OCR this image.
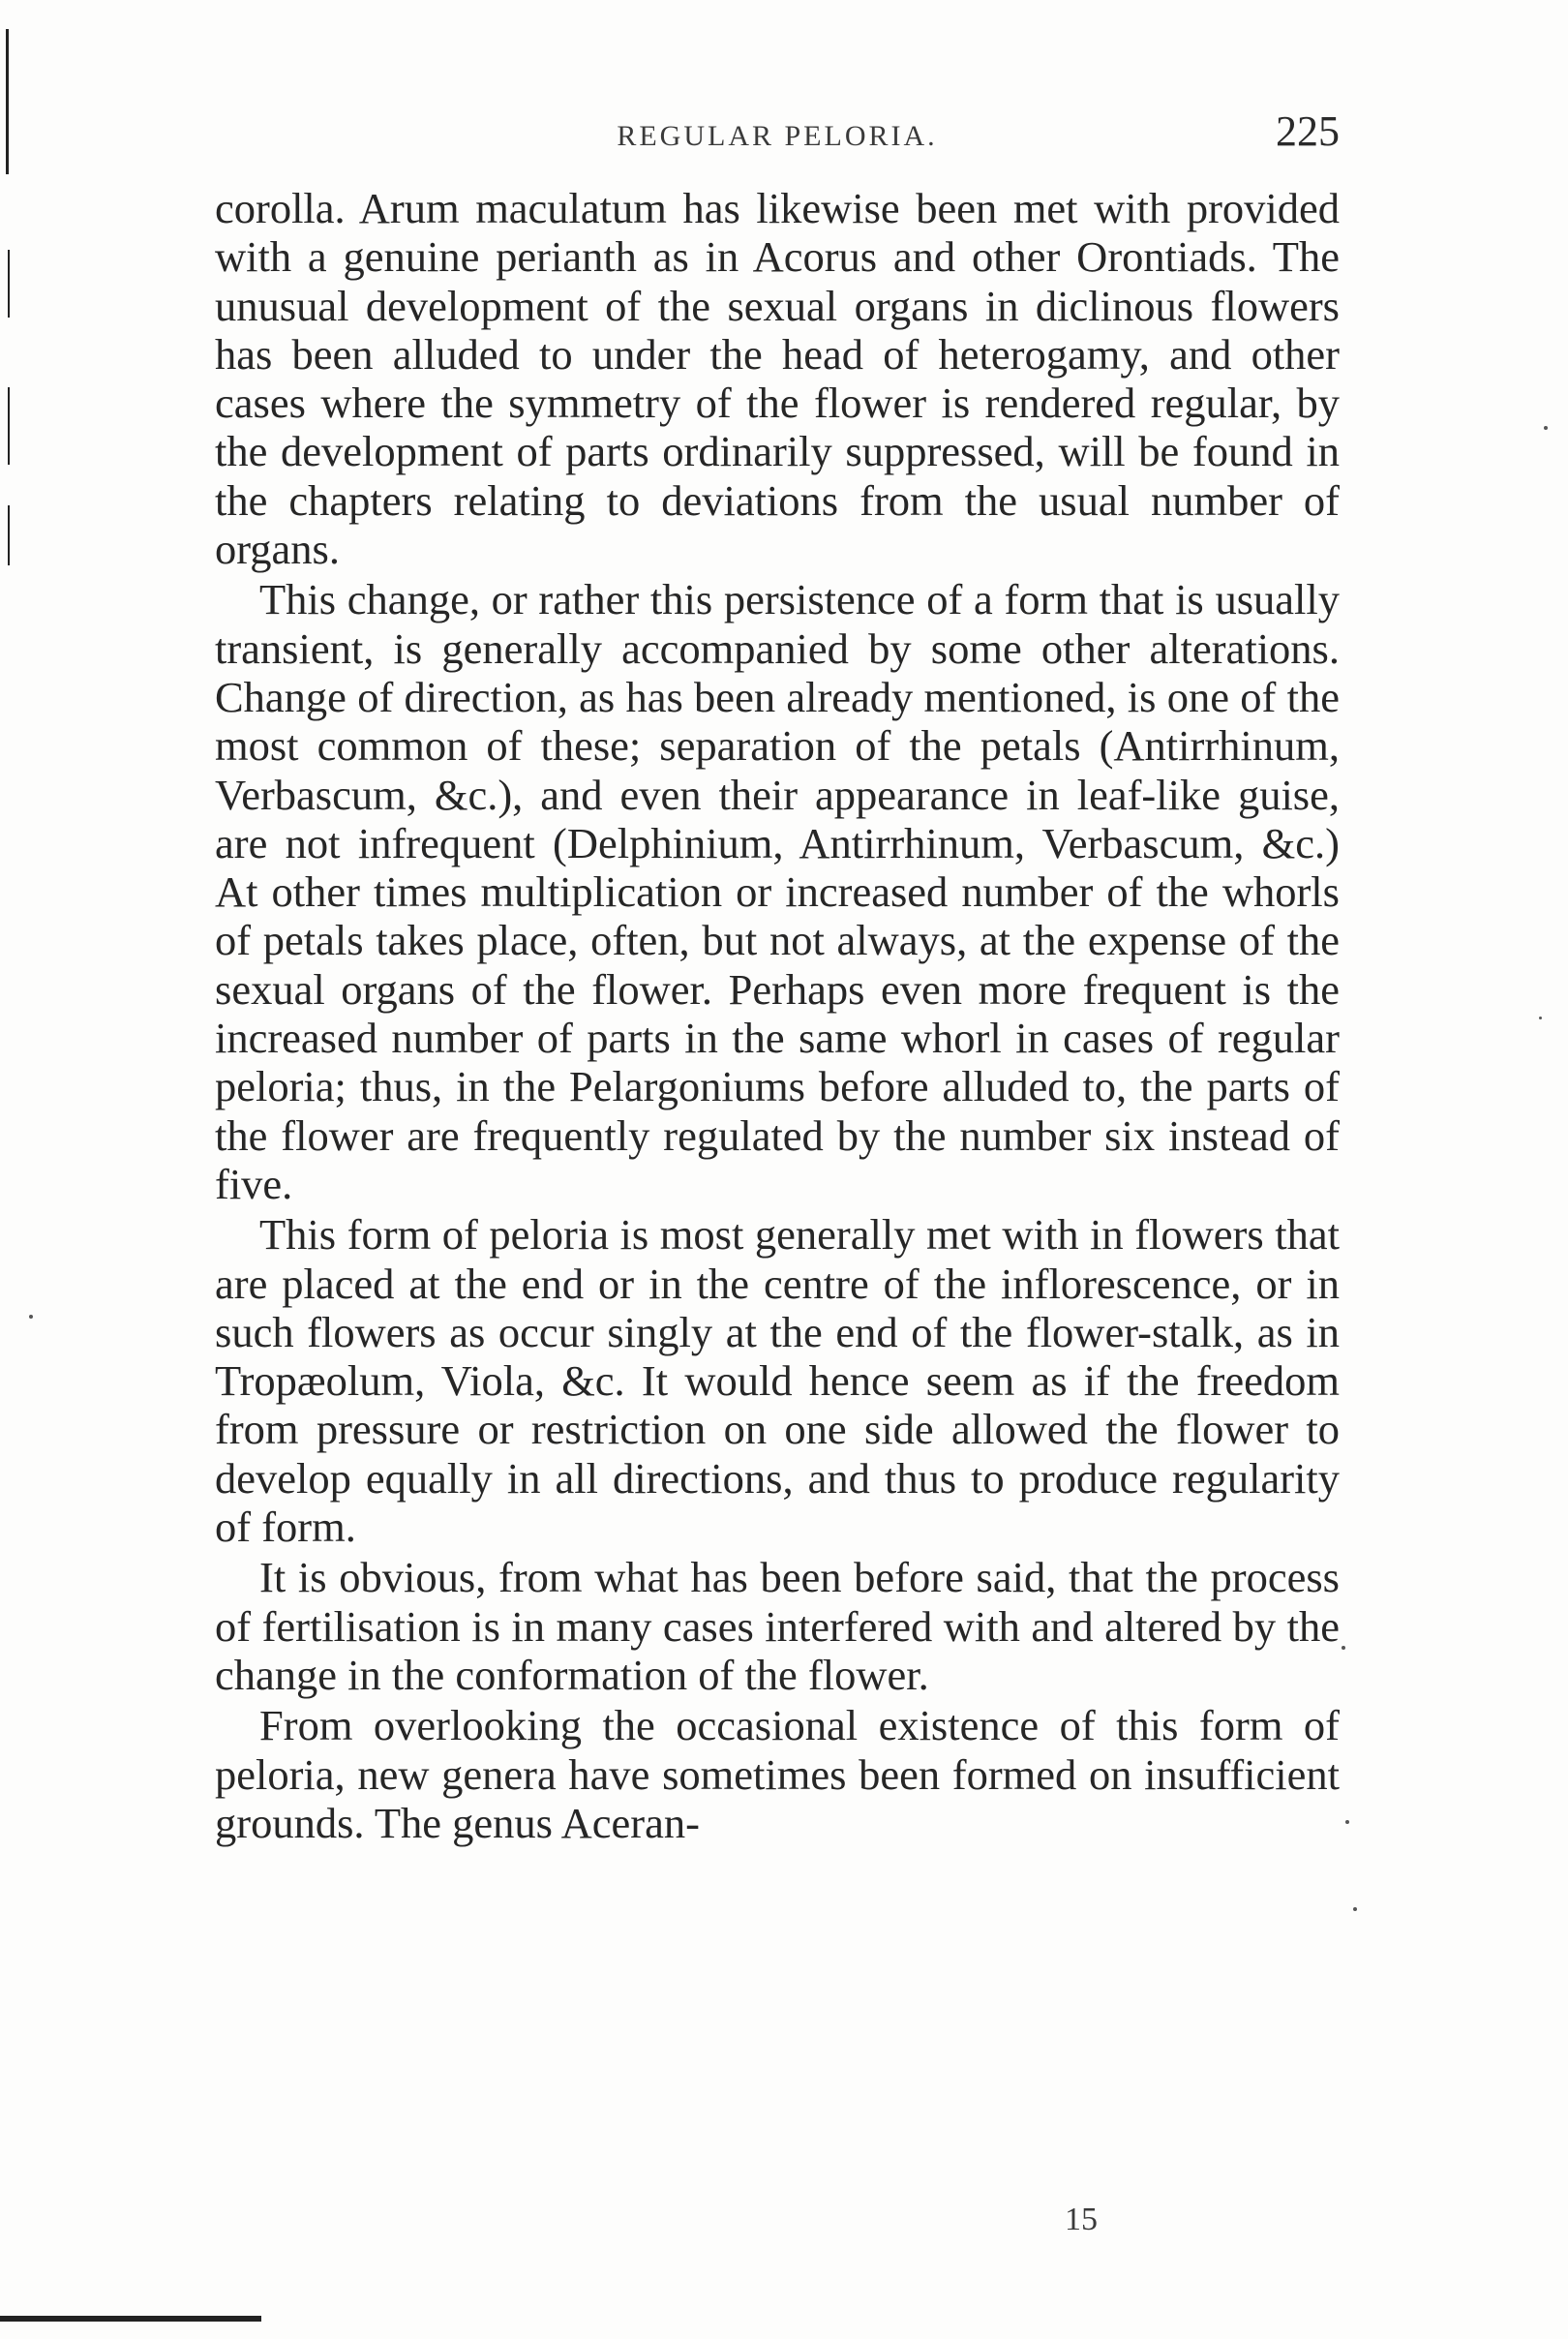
REGULAR PELORIA.	225

corolla. Arum maculatum has likewise been met with provided with a genuine perianth as in Acorus and other Orontiads. The unusual development of the sexual organs in diclinous flowers has been alluded to under the head of heterogamy, and other cases where the symmetry of the flower is rendered regular, by the development of parts ordinarily suppressed, will be found in the chapters relating to deviations from the usual number of organs.

This change, or rather this persistence of a form that is usually transient, is generally accompanied by some other alterations. Change of direction, as has been already mentioned, is one of the most common of these; separation of the petals (Antirrhinum, Verbascum, &c.), and even their appearance in leaf-like guise, are not infrequent (Delphinium, Antirrhinum, Verbascum, &c.) At other times multiplication or increased number of the whorls of petals takes place, often, but not always, at the expense of the sexual organs of the flower. Perhaps even more frequent is the increased number of parts in the same whorl in cases of regular peloria; thus, in the Pelargoniums before alluded to, the parts of the flower are frequently regulated by the number six instead of five.

This form of peloria is most generally met with in flowers that are placed at the end or in the centre of the inflorescence, or in such flowers as occur singly at the end of the flower-stalk, as in Tropæolum, Viola, &c. It would hence seem as if the freedom from pressure or restriction on one side allowed the flower to develop equally in all directions, and thus to produce regularity of form.

It is obvious, from what has been before said, that the process of fertilisation is in many cases interfered with and altered by the change in the conformation of the flower.

From overlooking the occasional existence of this form of peloria, new genera have sometimes been formed on insufficient grounds. The genus Aceran-

15
